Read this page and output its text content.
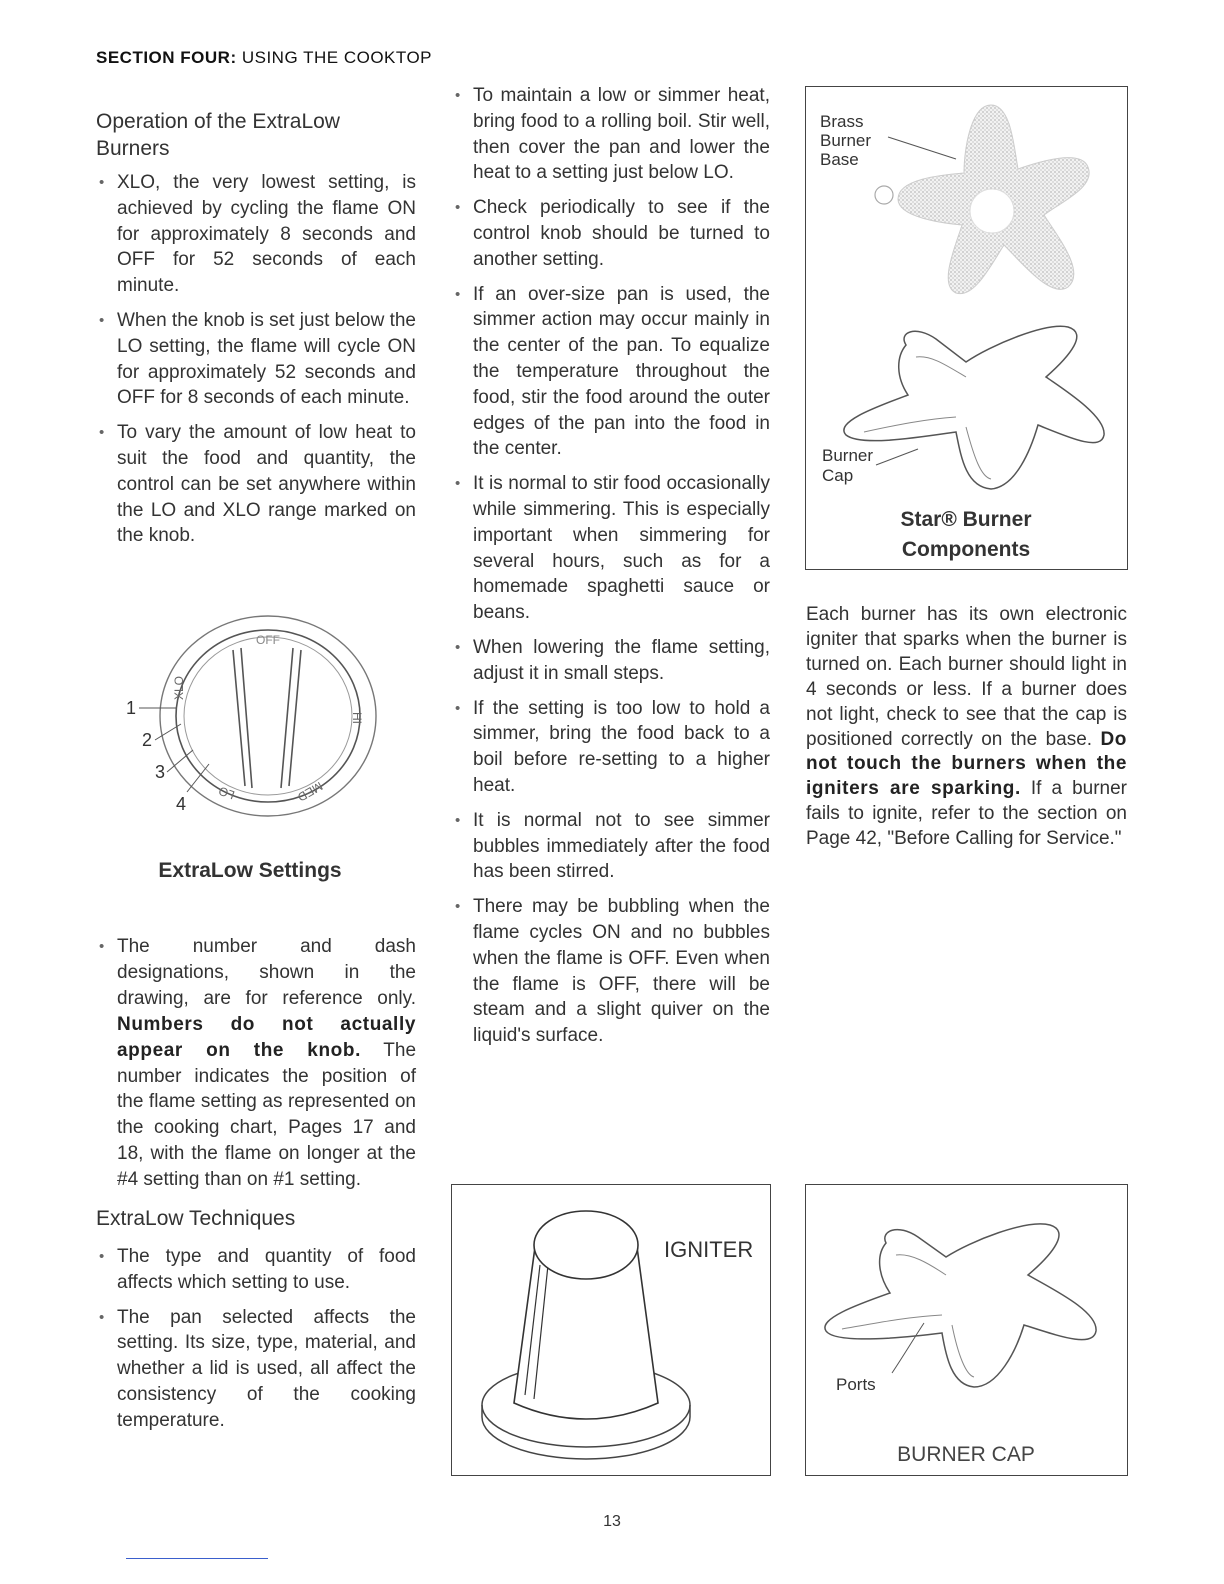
SECTION FOUR: USING THE COOKTOP
Operation of the ExtraLow Burners
• XLO, the very lowest setting, is achieved by cycling the flame ON for approximately 8 seconds and OFF for 52 seconds of each minute.
• When the knob is set just below the LO setting, the flame will cycle ON for approximately 52 seconds and OFF for 8 seconds of each minute.
• To vary the amount of low heat to suit the food and quantity, the control can be set anywhere within the LO and XLO range marked on the knob.
OFF
XLO
HI
LO	MED
1
2
3
4
ExtraLow Settings
• The number and dash designations, shown in the drawing, are for reference only. Numbers do not actually appear on the knob. The number indicates the position of the flame setting as represented on the cooking chart, Pages 17 and 18, with the flame on longer at the #4 setting than on #1 setting.
ExtraLow Techniques
• The type and quantity of food affects which setting to use.
• The pan selected affects the setting. Its size, type, material, and whether a lid is used, all affect the consistency of the cooking temperature.
• To maintain a low or simmer heat, bring food to a rolling boil. Stir well, then cover the pan and lower the heat to a setting just below LO.
• Check periodically to see if the control knob should be turned to another setting.
• If an over-size pan is used, the simmer action may occur mainly in the center of the pan. To equalize the temperature throughout the food, stir the food around the outer edges of the pan into the food in the center.
• It is normal to stir food occasionally while simmering. This is especially important when simmering for several hours, such as for a homemade spaghetti sauce or beans.
• When lowering the flame setting, adjust it in small steps.
• If the setting is too low to hold a simmer, bring the food back to a boil before re-setting to a higher heat.
• It is normal not to see simmer bubbles immediately after the food has been stirred.
• There may be bubbling when the flame cycles ON and no bubbles when the flame is OFF. Even when the flame is OFF, there will be steam and a slight quiver on the liquid's surface.
IGNITER
Brass
Burner
Base
Burner
Cap
Star® Burner
Components
Each burner has its own electronic igniter that sparks when the burner is turned on. Each burner should light in 4 seconds or less. If a burner does not light, check to see that the cap is positioned correctly on the base. Do not touch the burners when the igniters are sparking. If a burner fails to ignite, refer to the section on Page 42, "Before Calling for Service."
Ports
BURNER CAP
13
